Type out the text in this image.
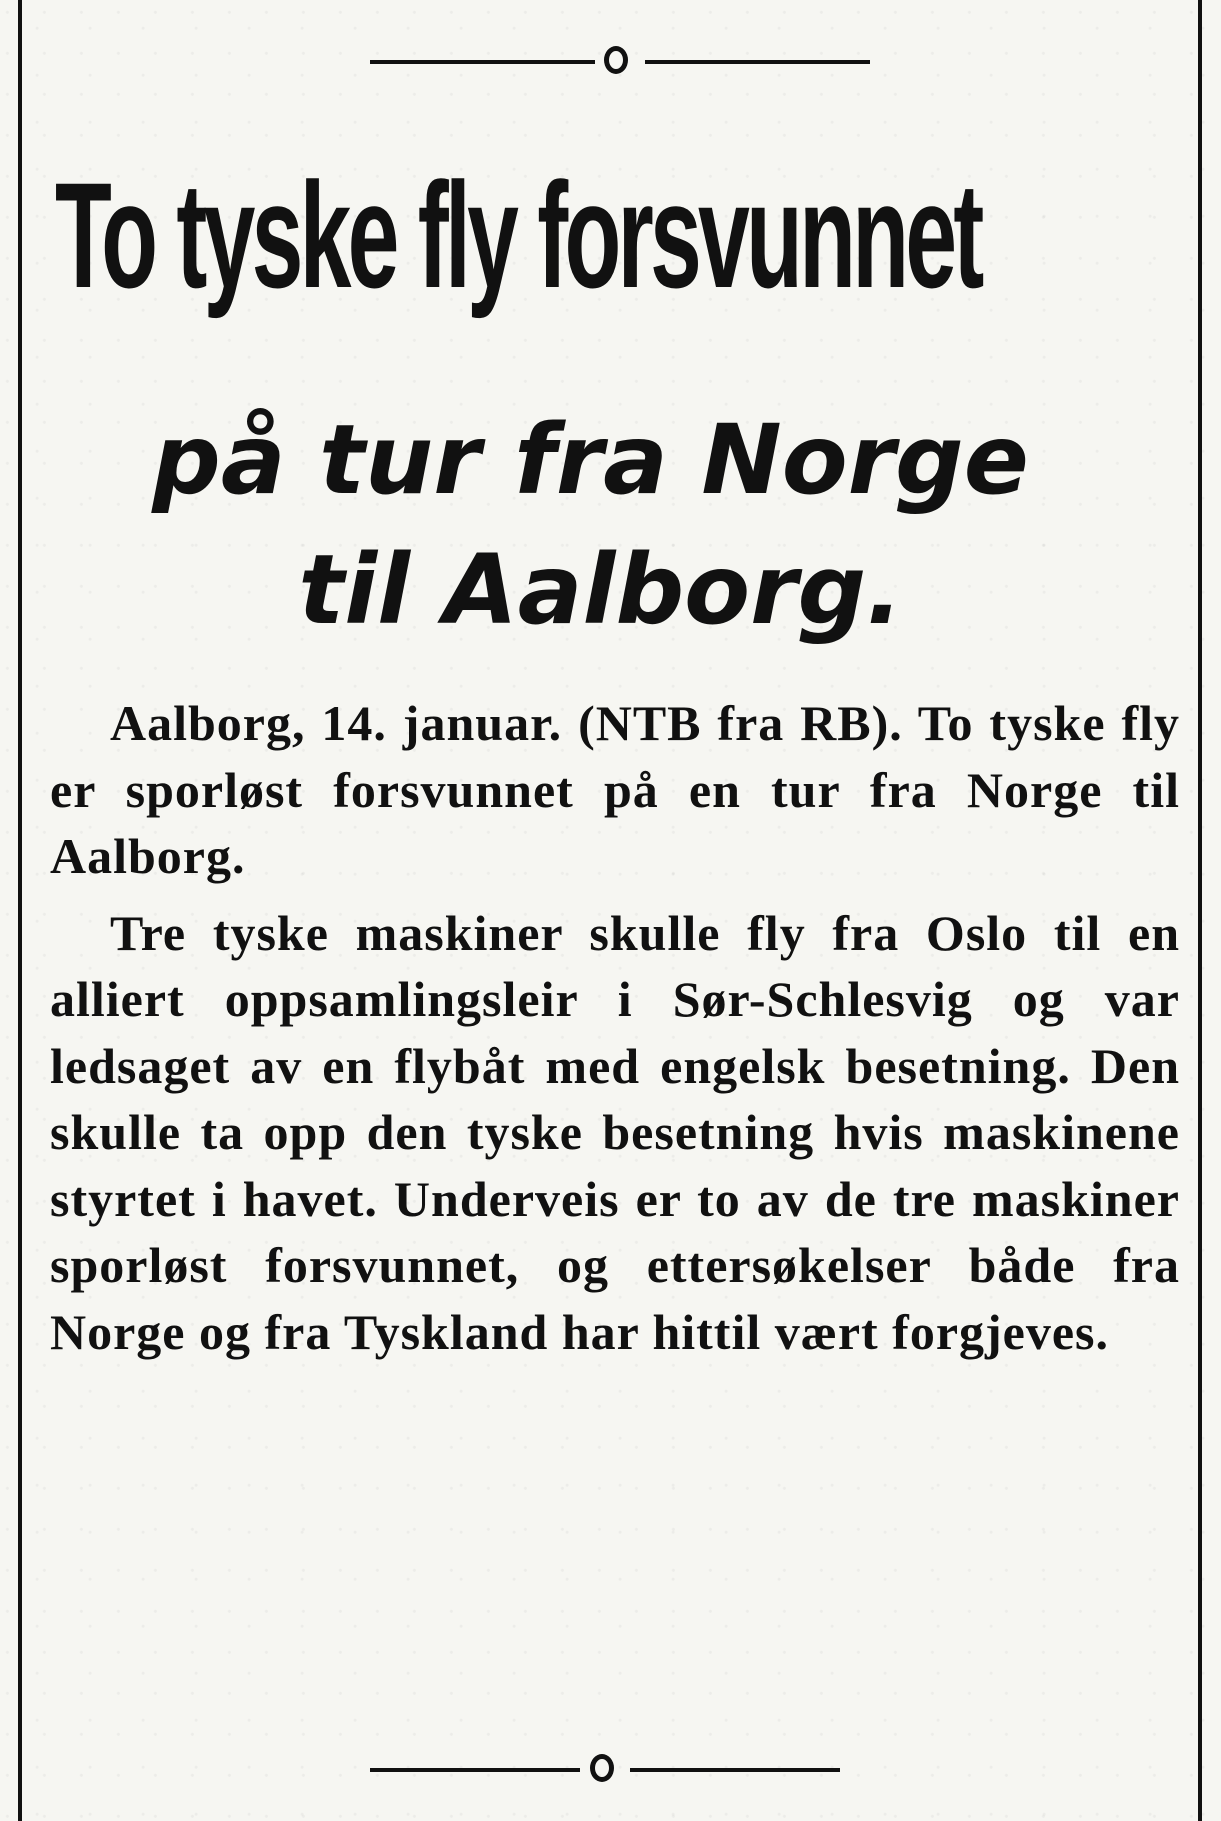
To tyske fly forsvunnet
på tur fra Norge
til Aalborg.

Aalborg, 14. januar. (NTB fra RB). To tyske fly er sporløst forsvunnet på en tur fra Norge til Aalborg.

Tre tyske maskiner skulle fly fra Oslo til en alliert oppsamlingsleir i Sør-Schlesvig og var ledsaget av en flybåt med engelsk besetning. Den skulle ta opp den tyske besetning hvis maskinene styrtet i havet. Underveis er to av de tre maskiner sporløst forsvunnet, og ettersøkelser både fra Norge og fra Tyskland har hittil vært forgjeves.
